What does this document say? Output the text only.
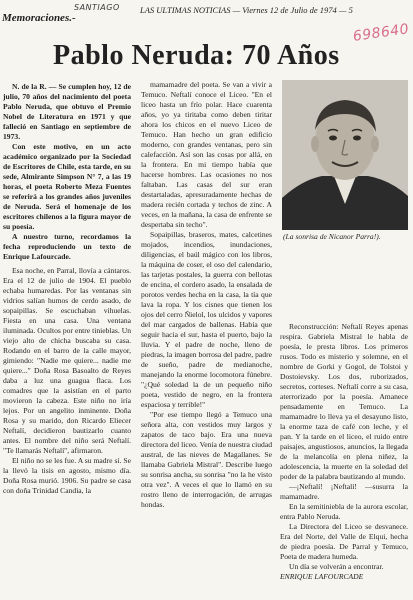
SANTIAGO
698640
Memoraciones.-
LAS ULTIMAS NOTICIAS — Viernes 12 de Julio de 1974 — 5
Pablo Neruda: 70 Años

N. de la R. — Se cumplen hoy, 12 de julio, 70 años del nacimiento del poeta Pablo Neruda, que obtuvo el Premio Nobel de Literatura en 1971 y que falleció en Santiago en septiembre de 1973.

Con este motivo, en un acto académico organizado por la Sociedad de Escritores de Chile, esta tarde, en su sede, Almirante Simpson N° 7, a las 19 horas, el poeta Roberto Meza Fuentes se referirá a los grandes años juveniles de Neruda. Será el homenaje de los escritores chilenos a la figura mayor de su poesía.

A nuestro turno, recordamos la fecha reproduciendo un texto de Enrique Lafourcade.

Esa noche, en Parral, llovía a cántaros. Era el 12 de julio de 1904. El pueblo echaba humaredas. Por las ventanas sin vidrios salían humos de cerdo asado, de sopaipillas. Se escuchaban vihuelas. Fiesta en una casa. Una ventana iluminada. Ocultos por entre tinieblas. Un viejo alto de chicha buscaba su casa. Rodando en el barro de la calle mayor, gimiendo: "Nadie me quiere... nadie me quiere..." Doña Rosa Basoalto de Reyes daba a luz una guagua flaca. Los comadres que la asistían en el parto movieron la cabeza. Este niño no iría lejos. Por un angelito inminente. Doña Rosa y su marido, don Ricardo Eliecer Neftalí, decidieron bautizarlo cuanto antes. El nombre del niño será Neftalí. "Te llamarás Neftalí", afirmaron.

El niño no se les fue. A su madre sí. Se la llevó la tisis en agosto, mismo día. Doña Rosa murió. 1906. Su padre se casa con doña Trinidad Candia, la

mamamadre del poeta. Se van a vivir a Temuco. Neftalí conoce el Liceo. "En el liceo hasta un frío polar. Hace cuarenta años, yo ya tiritaba como deben tiritar ahora los chicos en el nuevo Liceo de Temuco. Han hecho un gran edificio moderno, con grandes ventanas, pero sin calefacción. Así son las cosas por allá, en la frontera. En mi tiempo había que hacerse hombres. Las ocasiones no nos faltaban. Las casas del sur eran destartaladas, apresuradamente hechas de madera recién cortada y techos de zinc. A veces, en la mañana, la casa de enfrente se despertaba sin techo".

Sopaipillas, braseros, mates, calcetines mojados, incendios, inundaciones, diligencias, el baúl mágico con los libros, la máquina de coser, el oso del calendario, las tarjetas postales, la guerra con bellotas de encina, el cordero asado, la ensalada de porotos verdes hecha en la casa, la tía que lava la ropa. Y los cisnes que tienen los ojos del cerro Ñielol, los ulcidos y vapores del mar cargados de ballenas. Había que seguir hacia el sur, hasta el puerto, bajo la lluvia. Y el padre de noche, lleno de piedras, la imagen borrosa del padre, padre de sueño, padre de medianoche, manejando la enorme locomotora fúnebre. "¿Qué soledad la de un pequeño niño poeta, vestido de negro, en la frontera espaciosa y terrible!"

"Por ese tiempo llegó a Temuco una señora alta, con vestidos muy largos y zapatos de taco bajo. Era una nueva directora del liceo. Venía de nuestra ciudad austral, de las nieves de Magallanes. Se llamaba Gabriela Mistral". Describe luego su sonrisa ancha, su sonrisa "no la he visto otra vez". A veces el que lo llamó en su rostro lleno de interrogación, de arrugas hondas.

(La sonrisa de Nicanor Parra!).

Reconstrucción: Neftalí Reyes apenas respira. Gabriela Mistral le habla de poesía, le presta libros. Los primeros rusos. Todo es misterio y solemne, en el nombre de Gorki y Gogol, de Tolstoi y Dostoievsky. Los dos, ruborizados, secretos, corteses. Neftalí corre a su casa, aterrorizado por la poesía. Amanece pensadamente en Temuco. La mamamadre lo lleva ya el desayuno listo, la enorme taza de café con leche, y el pan. Y la tarde en el liceo, el ruido entre paisajes, angustiosos, anuncios, la llegada de la melancolía en plena niñez, la adolescencia, la muerte en la soledad del poder de la palabra bautizando al mundo.

—¡Neftalí! ¡Neftalí! —susurra la mamamadre.

En la semitiniebla de la aurora escolar, entra Pablo Neruda.

La Directora del Liceo se desvanece. Era del Norte, del Valle de Elqui, hecha de piedra poesía. De Parral y Temuco, Poeta de madera humeda.

Un día se volverán a encontrar.

ENRIQUE LAFOURCADE
